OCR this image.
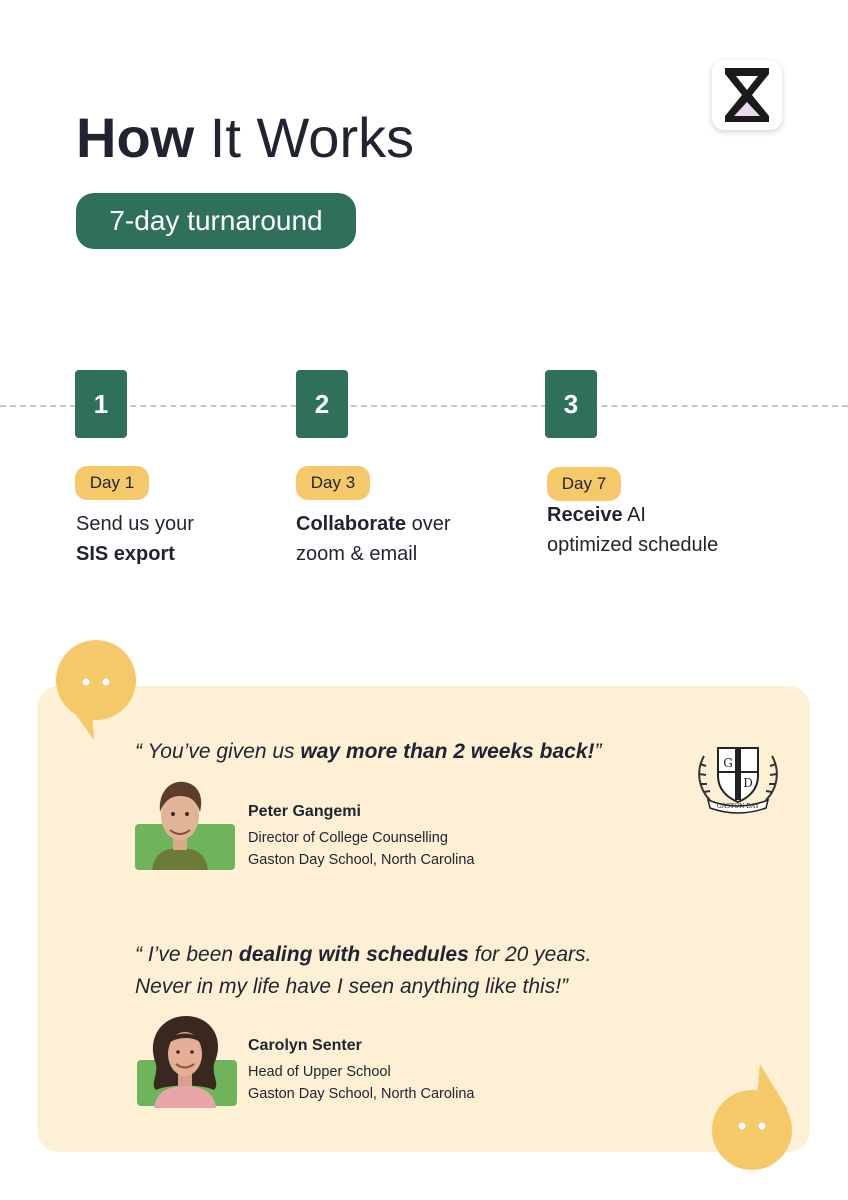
How It Works
7-day turnaround
1	2	3
Day 1	Day 3	Day 7
Send us your
SIS export
Collaborate over
zoom & email
Receive AI
optimized schedule
“ You’ve given us way more than 2 weeks back!”
Peter Gangemi
Director of College Counselling
Gaston Day School, North Carolina
G
D
GASTON DAY
“ I’ve been dealing with schedules for 20 years.
Never in my life have I seen anything like this!”
Carolyn Senter
Head of Upper School
Gaston Day School, North Carolina
